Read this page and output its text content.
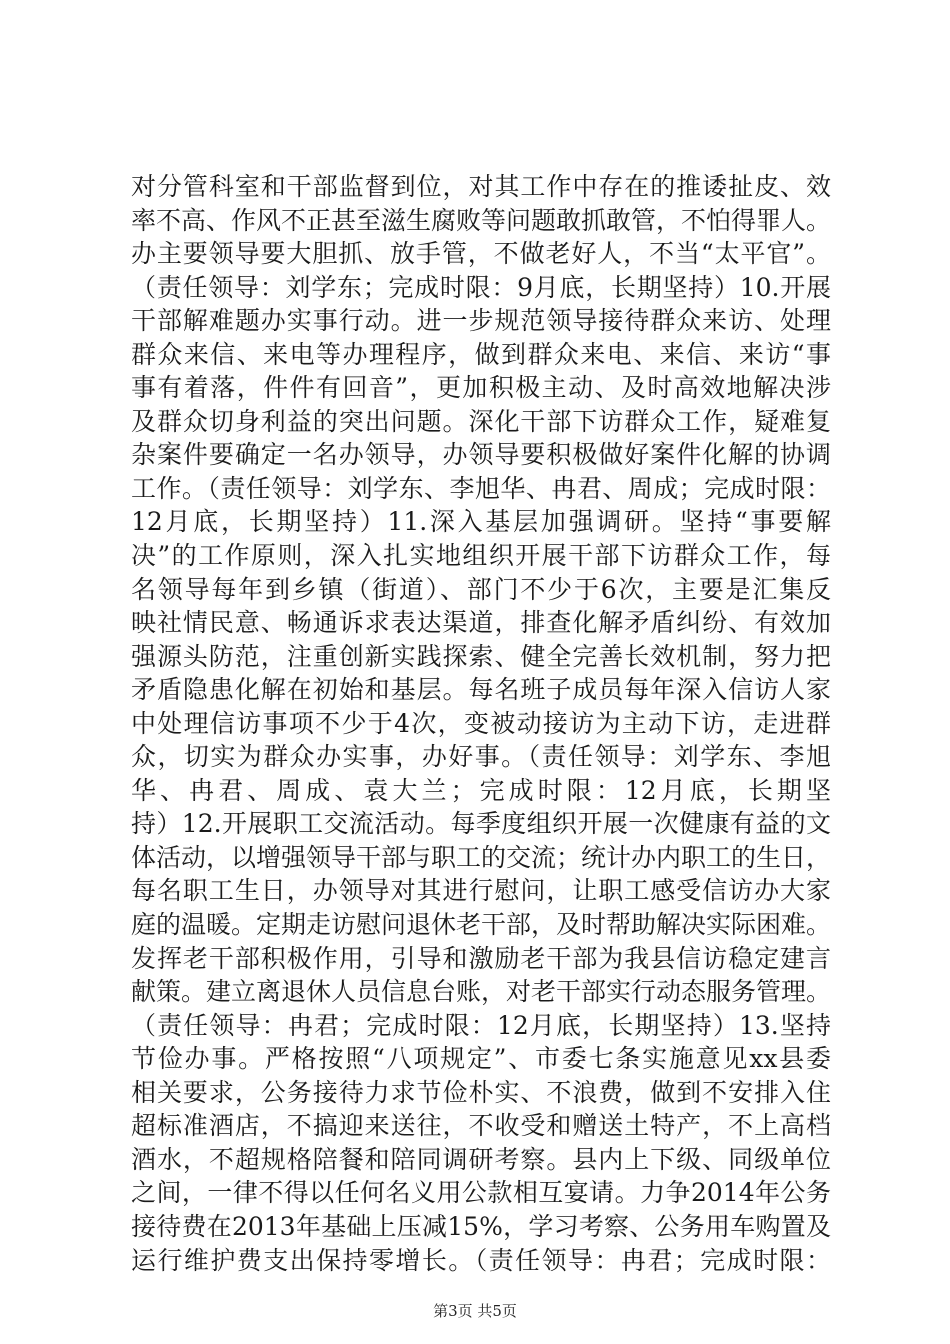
对分管科室和干部监督到位，对其工作中存在的推诿扯皮、效
率不高、作风不正甚至滋生腐败等问题敢抓敢管，不怕得罪人。
办主要领导要大胆抓、放手管，不做老好人，不当“太平官”。
（责任领导：刘学东；完成时限：9月底，长期坚持）10.开展
干部解难题办实事行动。进一步规范领导接待群众来访、处理
群众来信、来电等办理程序，做到群众来电、来信、来访“事
事有着落，件件有回音”，更加积极主动、及时高效地解决涉
及群众切身利益的突出问题。深化干部下访群众工作，疑难复
杂案件要确定一名办领导，办领导要积极做好案件化解的协调
工作。（责任领导：刘学东、李旭华、冉君、周成；完成时限：
12月底，长期坚持）11.深入基层加强调研。坚持“事要解
决”的工作原则，深入扎实地组织开展干部下访群众工作，每
名领导每年到乡镇（街道）、部门不少于6次，主要是汇集反
映社情民意、畅通诉求表达渠道，排查化解矛盾纠纷、有效加
强源头防范，注重创新实践探索、健全完善长效机制，努力把
矛盾隐患化解在初始和基层。每名班子成员每年深入信访人家
中处理信访事项不少于4次，变被动接访为主动下访，走进群
众，切实为群众办实事，办好事。（责任领导：刘学东、李旭
华、冉君、周成、袁大兰；完成时限：12月底，长期坚
持）12.开展职工交流活动。每季度组织开展一次健康有益的文
体活动，以增强领导干部与职工的交流；统计办内职工的生日，
每名职工生日，办领导对其进行慰问，让职工感受信访办大家
庭的温暖。定期走访慰问退休老干部，及时帮助解决实际困难。
发挥老干部积极作用，引导和激励老干部为我县信访稳定建言
献策。建立离退休人员信息台账，对老干部实行动态服务管理。
（责任领导：冉君；完成时限：12月底，长期坚持）13.坚持
节俭办事。严格按照“八项规定”、市委七条实施意见xx县委
相关要求，公务接待力求节俭朴实、不浪费，做到不安排入住
超标准酒店，不搞迎来送往，不收受和赠送土特产，不上高档
酒水，不超规格陪餐和陪同调研考察。县内上下级、同级单位
之间，一律不得以任何名义用公款相互宴请。力争2014年公务
接待费在2013年基础上压减15%，学习考察、公务用车购置及
运行维护费支出保持零增长。（责任领导：冉君；完成时限：
第3页 共5页
